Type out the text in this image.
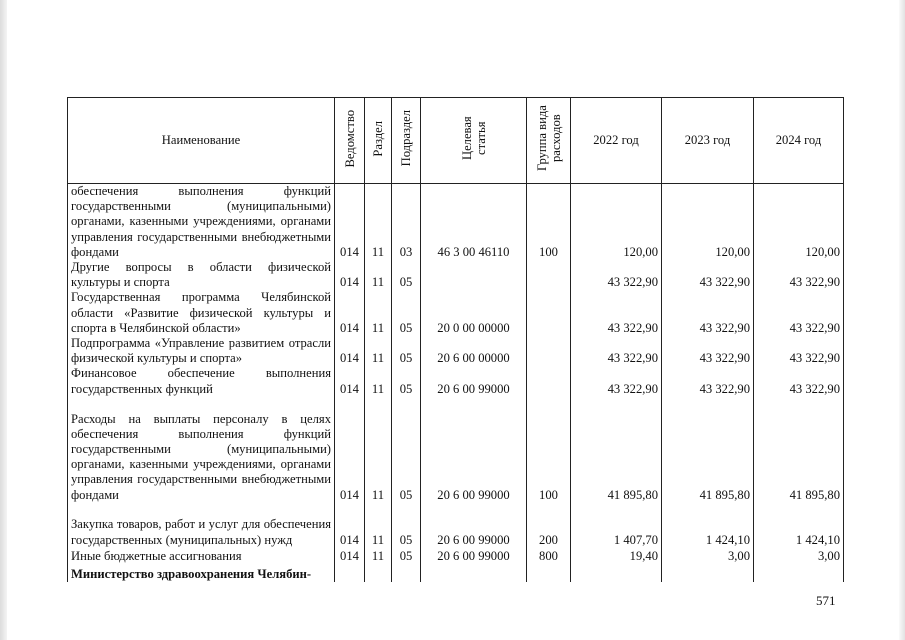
Наименование	Ведомство	Раздел	Подраздел	Целевая статья	Группа вида расходов	2022 год	2023 год	2024 год
обеспечения выполнения функций государственными (муниципальными) органами, казенными учреждениями, органами управления государственными внебюджетными фондами	014	11	03	46 3 00 46110	100	120,00	120,00	120,00
Другие вопросы в области физической культуры и спорта	014	11	05			43 322,90	43 322,90	43 322,90
Государственная программа Челябинской области «Развитие физической культуры и спорта в Челябинской области»	014	11	05	20 0 00 00000		43 322,90	43 322,90	43 322,90
Подпрограмма «Управление развитием отрасли физической культуры и спорта»	014	11	05	20 6 00 00000		43 322,90	43 322,90	43 322,90
Финансовое обеспечение выполнения государственных функций	014	11	05	20 6 00 99000		43 322,90	43 322,90	43 322,90
Расходы на выплаты персоналу в целях обеспечения выполнения функций государственными (муниципальными) органами, казенными учреждениями, органами управления государственными внебюджетными фондами	014	11	05	20 6 00 99000	100	41 895,80	41 895,80	41 895,80
Закупка товаров, работ и услуг для обеспечения государственных (муниципальных) нужд	014	11	05	20 6 00 99000	200	1 407,70	1 424,10	1 424,10
Иные бюджетные ассигнования	014	11	05	20 6 00 99000	800	19,40	3,00	3,00
Министерство здравоохранения Челябин-								
571
